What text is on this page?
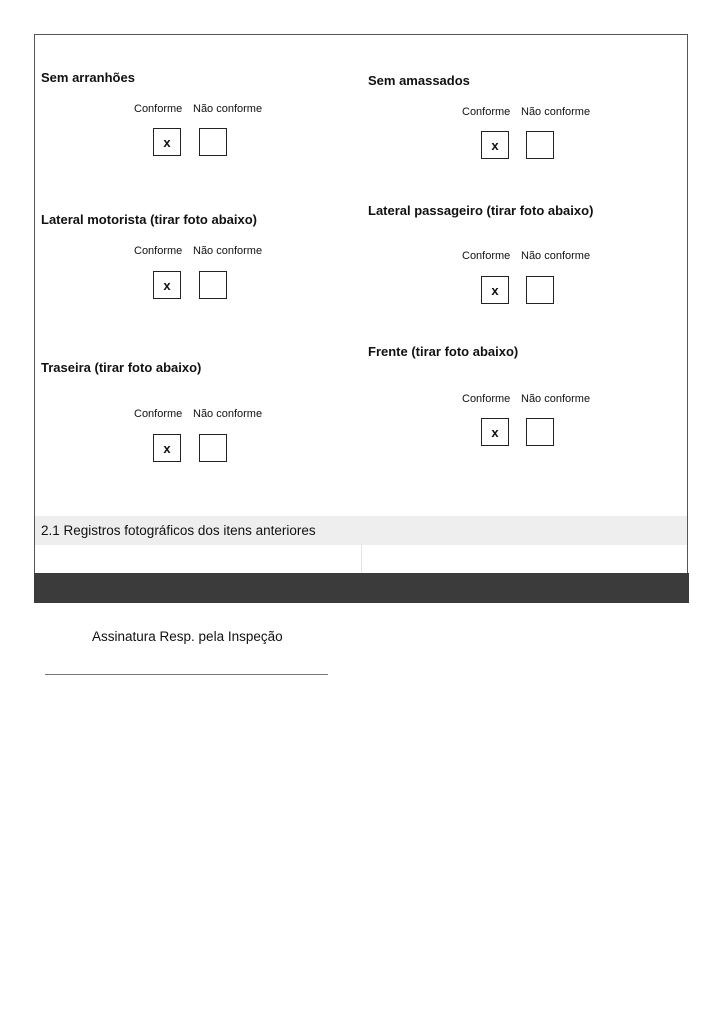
Sem arranhões
Conforme Não conforme
x
Sem amassados
Conforme Não conforme
x
Lateral motorista (tirar foto abaixo)
Conforme Não conforme
x
Lateral passageiro (tirar foto abaixo)
Conforme Não conforme
x
Traseira (tirar foto abaixo)
Conforme Não conforme
x
Frente (tirar foto abaixo)
Conforme Não conforme
x
2.1 Registros fotográficos dos itens anteriores
Assinatura Resp. pela Inspeção
